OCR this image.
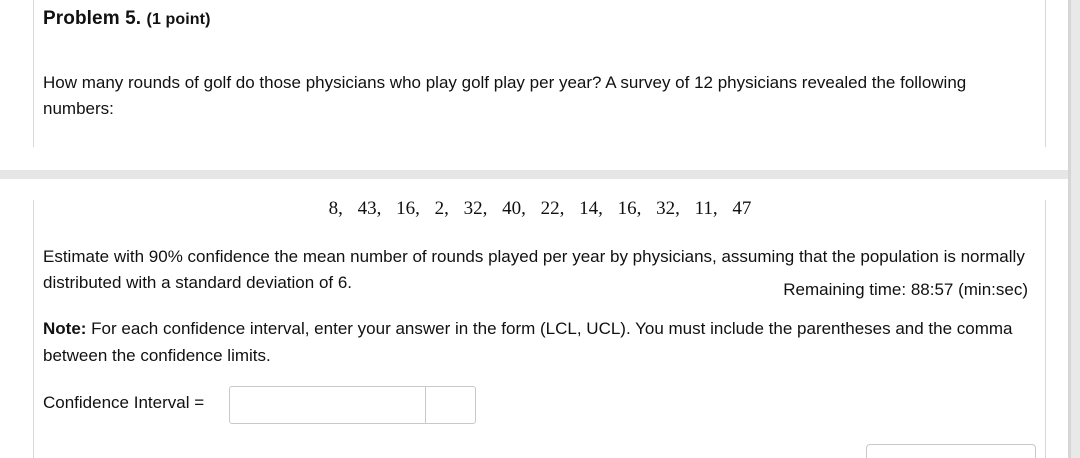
Problem 5. (1 point)
How many rounds of golf do those physicians who play golf play per year? A survey of 12 physicians revealed the following numbers:
8, 43, 16, 2, 32, 40, 22, 14, 16, 32, 11, 47
Estimate with 90% confidence the mean number of rounds played per year by physicians, assuming that the population is normally distributed with a standard deviation of 6.	Remaining time: 88:57 (min:sec)
Note: For each confidence interval, enter your answer in the form (LCL, UCL). You must include the parentheses and the comma between the confidence limits.
Confidence Interval =
